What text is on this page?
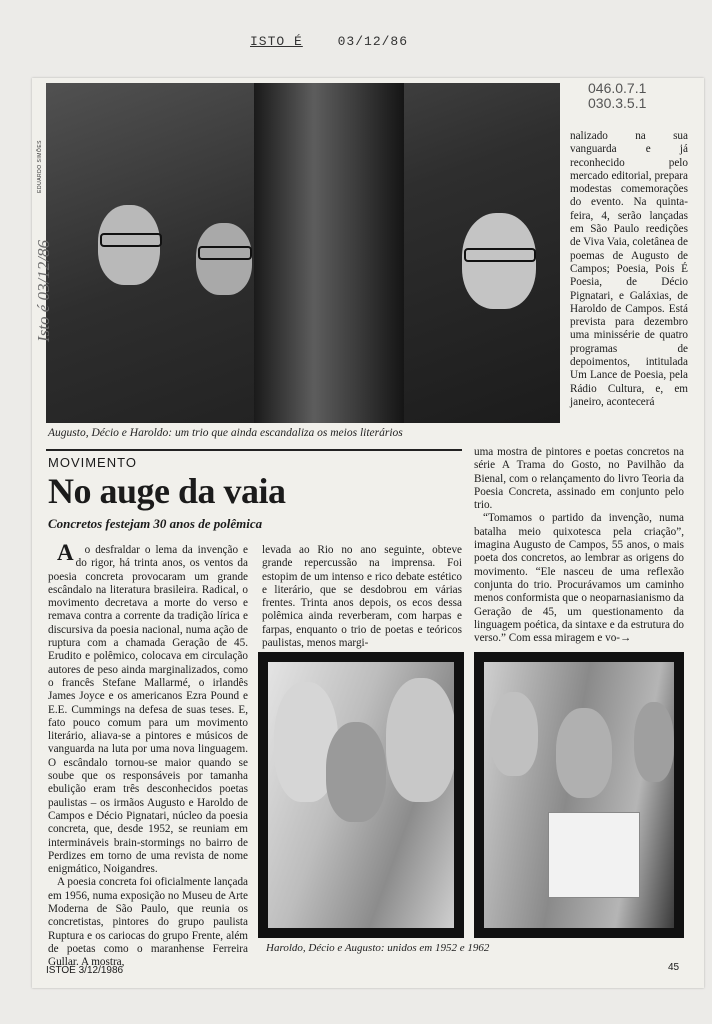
ISTO É	03/12/86
046.0.7.1
030.3.5.1
EDUARDO SIMÕES
Isto é 03/12/86
Augusto, Décio e Haroldo: um trio que ainda escandaliza os meios literários
MOVIMENTO
No auge da vaia
Concretos festejam 30 anos de polêmica

Ao desfraldar o lema da invenção e do rigor, há trinta anos, os ventos da poesia concreta provocaram um grande escândalo na literatura brasileira. Radical, o movimento decretava a morte do verso e remava contra a corrente da tradição lírica e discursiva da poesia nacional, numa ação de ruptura com a chamada Geração de 45. Erudito e polêmico, colocava em circulação autores de peso ainda marginalizados, como o francês Stefane Mallarmé, o irlandês James Joyce e os americanos Ezra Pound e E.E. Cummings na defesa de suas teses. E, fato pouco comum para um movimento literário, aliava-se a pintores e músicos de vanguarda na luta por uma nova linguagem. O escândalo tornou-se maior quando se soube que os responsáveis por tamanha ebulição eram três desconhecidos poetas paulistas – os irmãos Augusto e Haroldo de Campos e Décio Pignatari, núcleo da poesia concreta, que, desde 1952, se reuniam em intermináveis brain-stormings no bairro de Perdizes em torno de uma revista de nome enigmático, Noigandres.

A poesia concreta foi oficialmente lançada em 1956, numa exposição no Museu de Arte Moderna de São Paulo, que reunia os concretistas, pintores do grupo paulista Ruptura e os cariocas do grupo Frente, além de poetas como o maranhense Ferreira Gullar. A mostra,

levada ao Rio no ano seguinte, obteve grande repercussão na imprensa. Foi estopim de um intenso e rico debate estético e literário, que se desdobrou em várias frentes. Trinta anos depois, os ecos dessa polêmica ainda reverberam, com harpas e farpas, enquanto o trio de poetas e teóricos paulistas, menos margi-

nalizado na sua vanguarda e já reconhecido pelo mercado editorial, prepara modestas comemorações do evento. Na quinta-feira, 4, serão lançadas em São Paulo reedições de Viva Vaia, coletânea de poemas de Augusto de Campos; Poesia, Pois É Poesia, de Décio Pignatari, e Galáxias, de Haroldo de Campos. Está prevista para dezembro uma minissérie de quatro programas de depoimentos, intitulada Um Lance de Poesia, pela Rádio Cultura, e, em janeiro, acontecerá

uma mostra de pintores e poetas concretos na série A Trama do Gosto, no Pavilhão da Bienal, com o relançamento do livro Teoria da Poesia Concreta, assinado em conjunto pelo trio.

“Tomamos o partido da invenção, numa batalha meio quixotesca pela criação”, imagina Augusto de Campos, 55 anos, o mais poeta dos concretos, ao lembrar as origens do movimento. “Ele nasceu de uma reflexão conjunta do trio. Procurávamos um caminho menos conformista que o neoparnasianismo da Geração de 45, um questionamento da linguagem poética, da sintaxe e da estrutura do verso.” Com essa miragem e vo-→

Haroldo, Décio e Augusto: unidos em 1952 e 1962
ISTOÉ 3/12/1986	45
